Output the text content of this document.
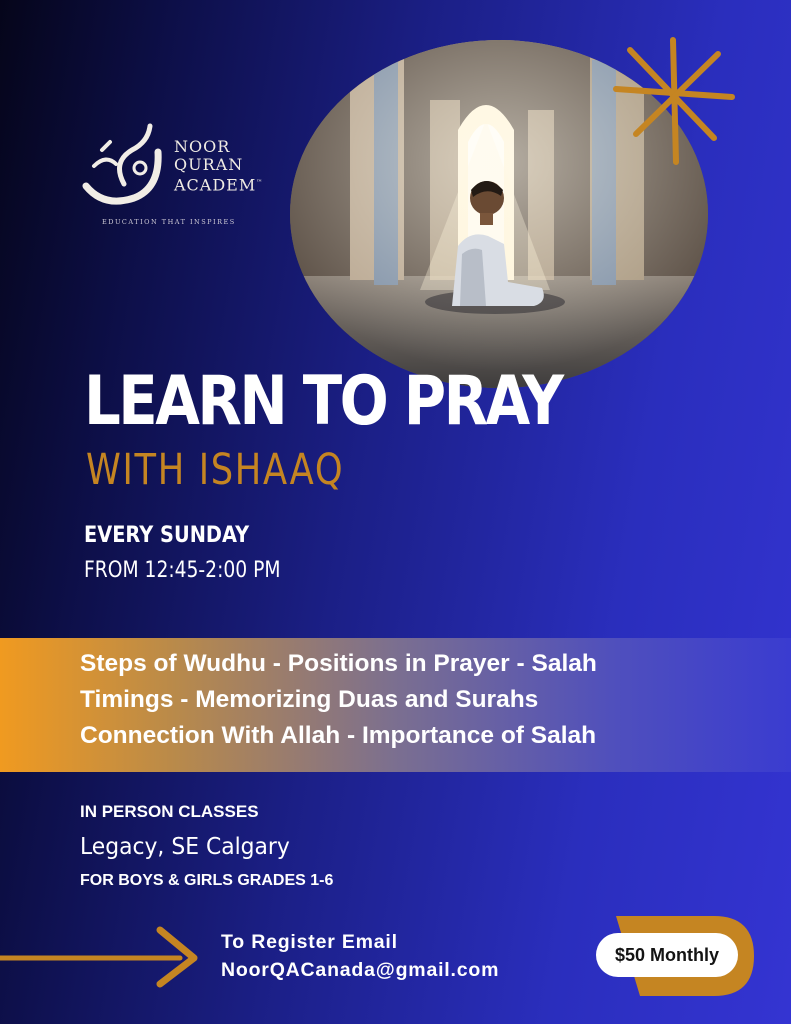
NOOR
QURAN
ACADEM™
EDUCATION THAT INSPIRES
LEARN TO PRAY
WITH ISHAAQ
EVERY SUNDAY
FROM 12:45-2:00 PM
Steps of Wudhu - Positions in Prayer - Salah
Timings - Memorizing Duas and Surahs
Connection With Allah - Importance of Salah
IN PERSON CLASSES
Legacy, SE Calgary
FOR BOYS & GIRLS GRADES 1-6
To Register Email
NoorQACanada@gmail.com
$50 Monthly
